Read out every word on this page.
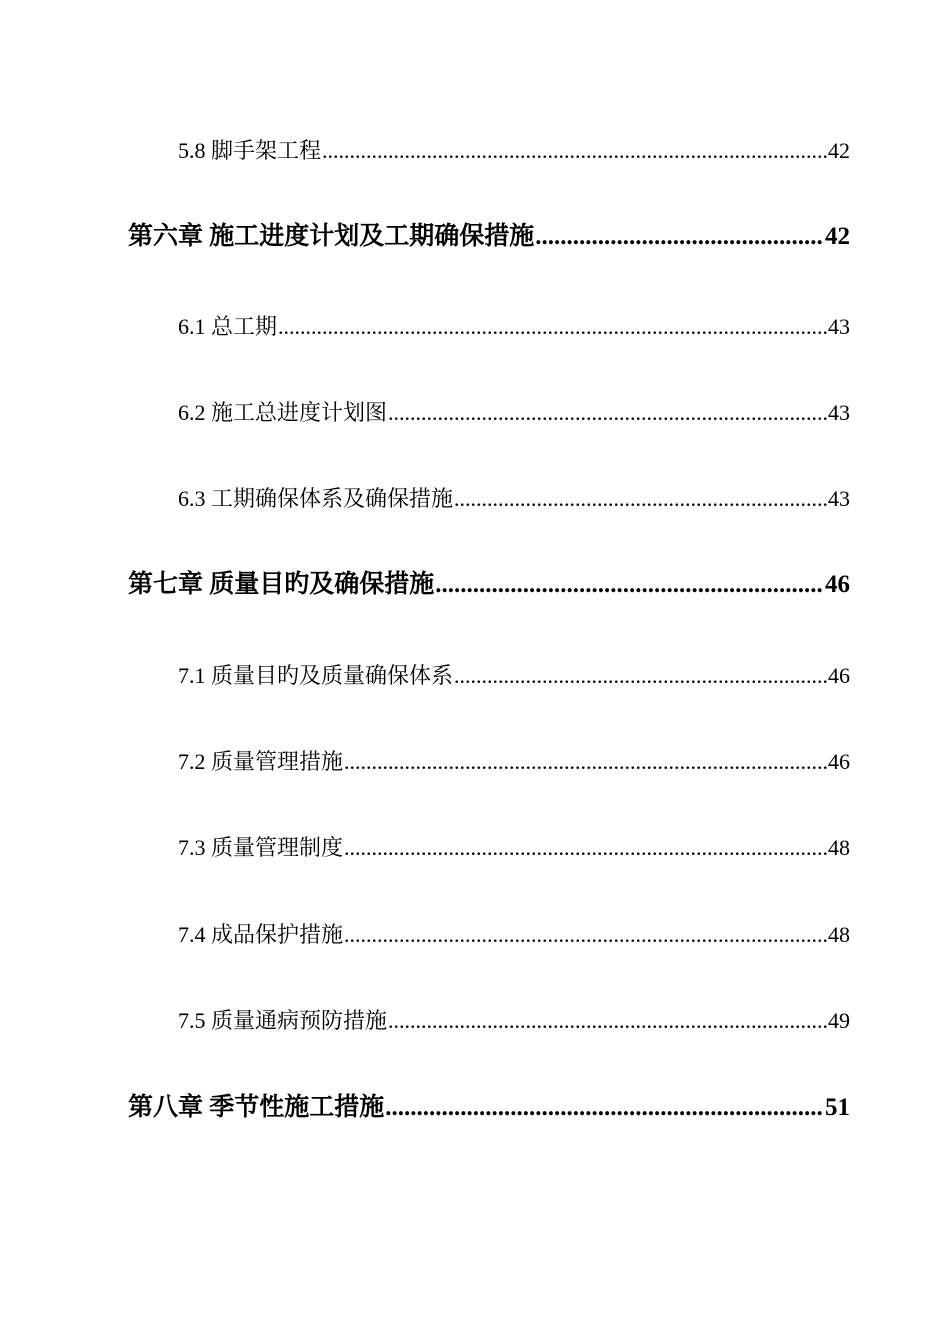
5.8 脚手架工程 .....	42
第六章 施工进度计划及工期确保措施 .....	42
6.1 总工期 .....	43
6.2 施工总进度计划图 .....	43
6.3 工期确保体系及确保措施 .....	43
第七章 质量目旳及确保措施 .....	46
7.1 质量目旳及质量确保体系 .....	46
7.2 质量管理措施 .....	46
7.3 质量管理制度 .....	48
7.4 成品保护措施 .....	48
7.5 质量通病预防措施 .....	49
第八章 季节性施工措施 .....	51
